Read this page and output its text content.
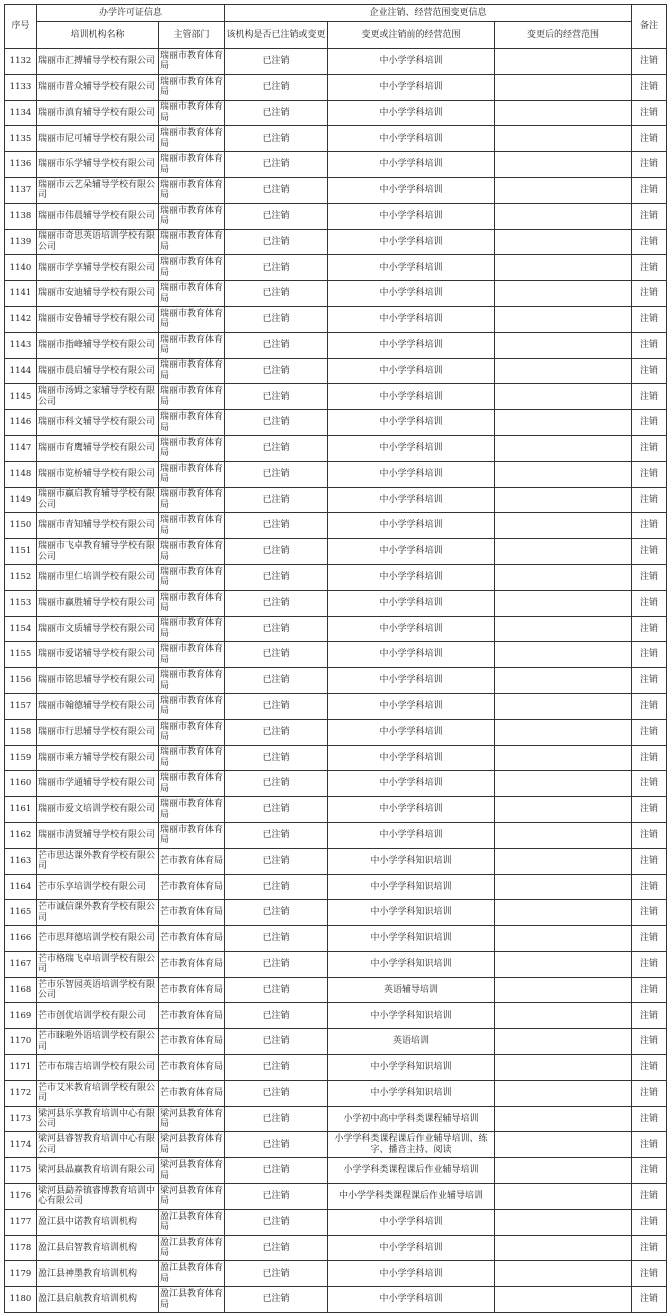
序号	办学许可证信息		企业注销、经营范围变更信息			备注
	培训机构名称	主管部门	该机构是否已注销或变更	变更或注销前的经营范围	变更后的经营范围	
1132	瑞丽市汇搏辅导学校有限公司	瑞丽市教育体育局	已注销	中小学学科培训		注销
1133	瑞丽市普众辅导学校有限公司	瑞丽市教育体育局	已注销	中小学学科培训		注销
1134	瑞丽市滇育辅导学校有限公司	瑞丽市教育体育局	已注销	中小学学科培训		注销
1135	瑞丽市尼可辅导学校有限公司	瑞丽市教育体育局	已注销	中小学学科培训		注销
1136	瑞丽市乐学辅导学校有限公司	瑞丽市教育体育局	已注销	中小学学科培训		注销
1137	瑞丽市云艺朵辅导学校有限公司	瑞丽市教育体育局	已注销	中小学学科培训		注销
1138	瑞丽市伟晨辅导学校有限公司	瑞丽市教育体育局	已注销	中小学学科培训		注销
1139	瑞丽市奇思英语培训学校有限公司	瑞丽市教育体育局	已注销	中小学学科培训		注销
1140	瑞丽市学享辅导学校有限公司	瑞丽市教育体育局	已注销	中小学学科培训		注销
1141	瑞丽市安迪辅导学校有限公司	瑞丽市教育体育局	已注销	中小学学科培训		注销
1142	瑞丽市安鲁辅导学校有限公司	瑞丽市教育体育局	已注销	中小学学科培训		注销
1143	瑞丽市指峰辅导学校有限公司	瑞丽市教育体育局	已注销	中小学学科培训		注销
1144	瑞丽市晨启辅导学校有限公司	瑞丽市教育体育局	已注销	中小学学科培训		注销
1145	瑞丽市汤姆之家辅导学校有限公司	瑞丽市教育体育局	已注销	中小学学科培训		注销
1146	瑞丽市科文辅导学校有限公司	瑞丽市教育体育局	已注销	中小学学科培训		注销
1147	瑞丽市育鹰辅导学校有限公司	瑞丽市教育体育局	已注销	中小学学科培训		注销
1148	瑞丽市览桥辅导学校有限公司	瑞丽市教育体育局	已注销	中小学学科培训		注销
1149	瑞丽市赢启教育辅导学校有限公司	瑞丽市教育体育局	已注销	中小学学科培训		注销
1150	瑞丽市青知辅导学校有限公司	瑞丽市教育体育局	已注销	中小学学科培训		注销
1151	瑞丽市飞卓教育辅导学校有限公司	瑞丽市教育体育局	已注销	中小学学科培训		注销
1152	瑞丽市里仁培训学校有限公司	瑞丽市教育体育局	已注销	中小学学科培训		注销
1153	瑞丽市赢胜辅导学校有限公司	瑞丽市教育体育局	已注销	中小学学科培训		注销
1154	瑞丽市文质辅导学校有限公司	瑞丽市教育体育局	已注销	中小学学科培训		注销
1155	瑞丽市爱诺辅导学校有限公司	瑞丽市教育体育局	已注销	中小学学科培训		注销
1156	瑞丽市铭思辅导学校有限公司	瑞丽市教育体育局	已注销	中小学学科培训		注销
1157	瑞丽市翰德辅导学校有限公司	瑞丽市教育体育局	已注销	中小学学科培训		注销
1158	瑞丽市行思辅导学校有限公司	瑞丽市教育体育局	已注销	中小学学科培训		注销
1159	瑞丽市乘方辅导学校有限公司	瑞丽市教育体育局	已注销	中小学学科培训		注销
1160	瑞丽市学通辅导学校有限公司	瑞丽市教育体育局	已注销	中小学学科培训		注销
1161	瑞丽市爱文培训学校有限公司	瑞丽市教育体育局	已注销	中小学学科培训		注销
1162	瑞丽市清贤辅导学校有限公司	瑞丽市教育体育局	已注销	中小学学科培训		注销
1163	芒市思达课外教育学校有限公司	芒市教育体育局	已注销	中小学学科知识培训		注销
1164	芒市乐享培训学校有限公司	芒市教育体育局	已注销	中小学学科知识培训		注销
1165	芒市诚信课外教育学校有限公司	芒市教育体育局	已注销	中小学学科知识培训		注销
1166	芒市思拜德培训学校有限公司	芒市教育体育局	已注销	中小学学科知识培训		注销
1167	芒市格瑞飞卓培训学校有限公司	芒市教育体育局	已注销	中小学学科知识培训		注销
1168	芒市乐智园英语培训学校有限公司	芒市教育体育局	已注销	英语辅导培训		注销
1169	芒市创优培训学校有限公司	芒市教育体育局	已注销	中小学学科知识培训		注销
1170	芒市睐啦外语培训学校有限公司	芒市教育体育局	已注销	英语培训		注销
1171	芒市布瑞吉培训学校有限公司	芒市教育体育局	已注销	中小学学科知识培训		注销
1172	芒市艾米教育培训学校有限公司	芒市教育体育局	已注销	中小学学科知识培训		注销
1173	梁河县乐享教育培训中心有限公司	梁河县教育体育局	已注销	小学初中高中学科类课程辅导培训		注销
1174	梁河县睿智教育培训中心有限公司	梁河县教育体育局	已注销	小学学科类课程课后作业辅导培训、练字、播音主持、阅读		注销
1175	梁河县晶赢教育培训有限公司	梁河县教育体育局	已注销	小学学科类课程课后作业辅导培训		注销
1176	梁河县勐养镇睿博教育培训中心有限公司	梁河县教育体育局	已注销	中小学学科类课程课后作业辅导培训		注销
1177	盈江县中诺教育培训机构	盈江县教育体育局	已注销	中小学学科培训		注销
1178	盈江县启智教育培训机构	盈江县教育体育局	已注销	中小学学科培训		注销
1179	盈江县神墨教育培训机构	盈江县教育体育局	已注销	中小学学科培训		注销
1180	盈江县启航教育培训机构	盈江县教育体育局	已注销	中小学学科培训		注销
